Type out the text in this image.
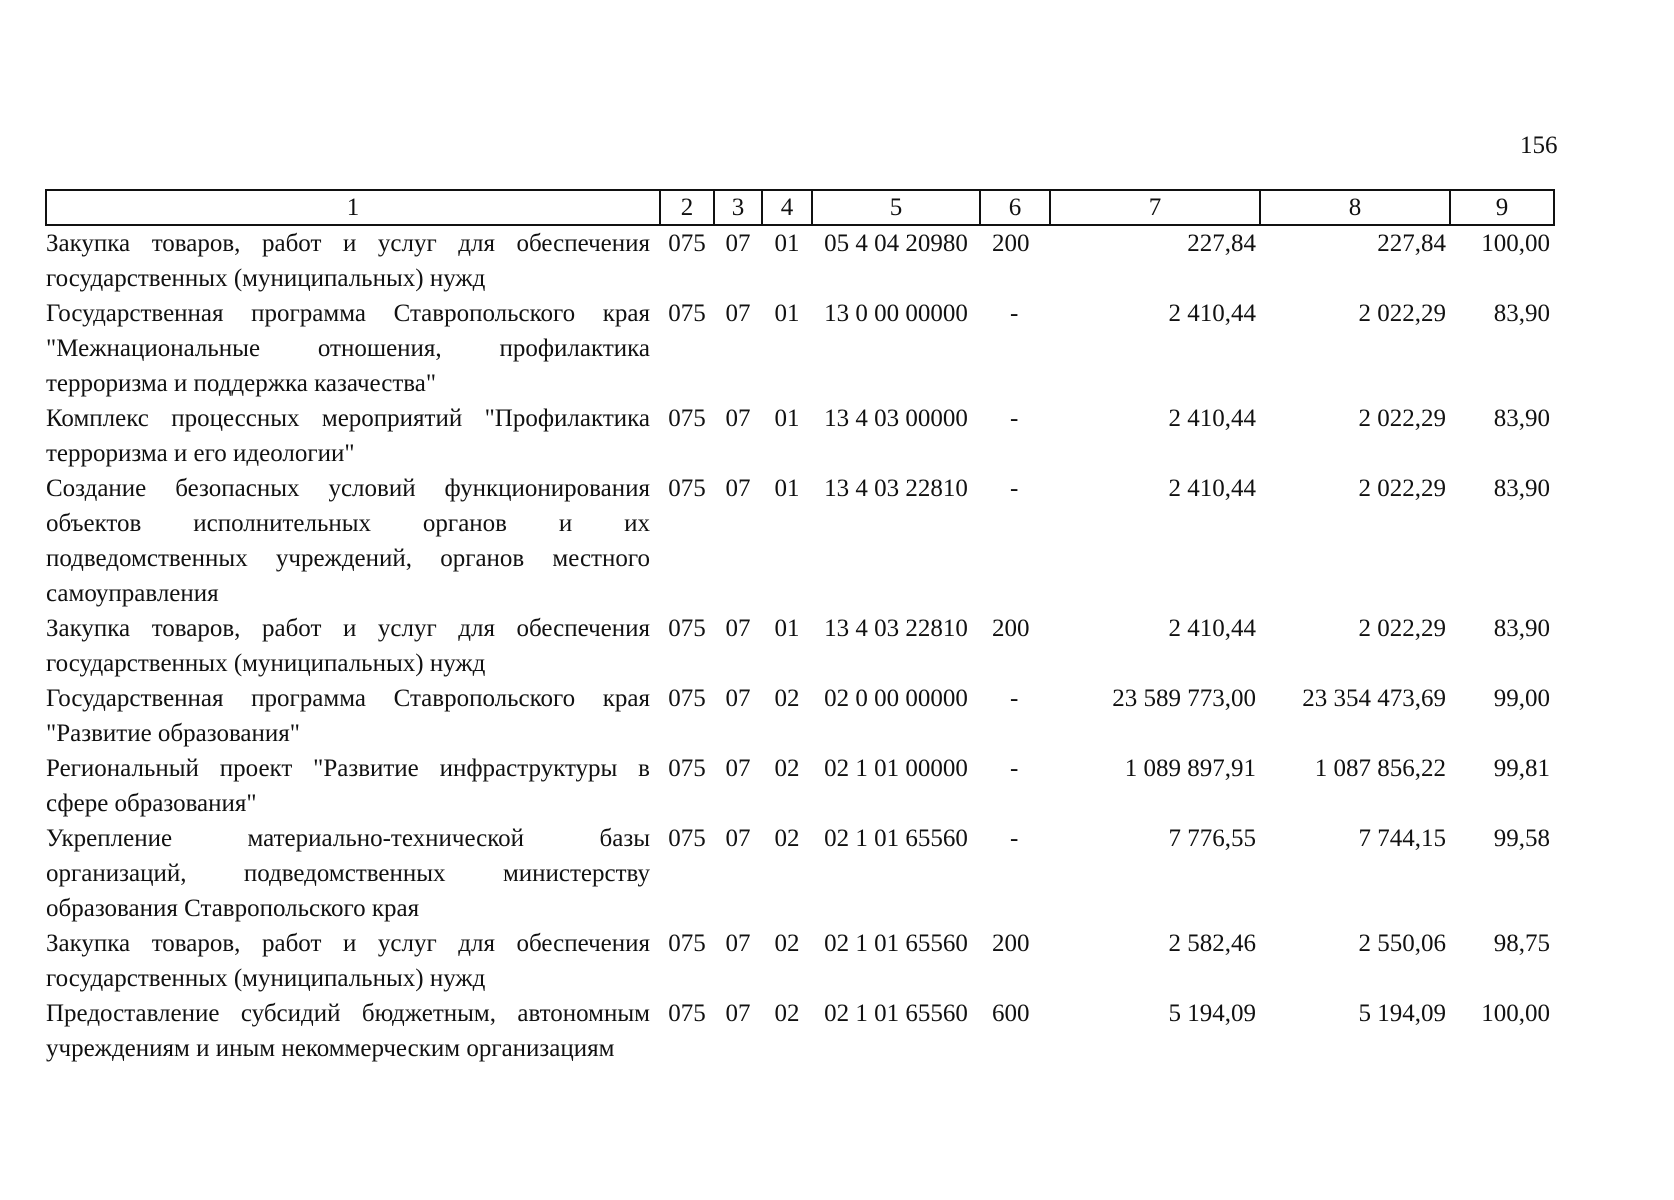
156
1	2	3	4	5	6	7	8	9
Закупка товаров, работ и услуг для обеспечения государственных (муниципальных) нужд	075	07	01	05 4 04 20980	200	227,84	227,84	100,00
Государственная программа Ставропольского края "Межнациональные отношения, профилактика терроризма и поддержка казачества"	075	07	01	13 0 00 00000	-	2 410,44	2 022,29	83,90
Комплекс процессных мероприятий "Профилактика терроризма и его идеологии"	075	07	01	13 4 03 00000	-	2 410,44	2 022,29	83,90
Создание безопасных условий функционирования объектов исполнительных органов и их подведомственных учреждений, органов местного самоуправления	075	07	01	13 4 03 22810	-	2 410,44	2 022,29	83,90
Закупка товаров, работ и услуг для обеспечения государственных (муниципальных) нужд	075	07	01	13 4 03 22810	200	2 410,44	2 022,29	83,90
Государственная программа Ставропольского края "Развитие образования"	075	07	02	02 0 00 00000	-	23 589 773,00	23 354 473,69	99,00
Региональный проект "Развитие инфраструктуры в сфере образования"	075	07	02	02 1 01 00000	-	1 089 897,91	1 087 856,22	99,81
Укрепление материально-технической базы организаций, подведомственных министерству образования Ставропольского края	075	07	02	02 1 01 65560	-	7 776,55	7 744,15	99,58
Закупка товаров, работ и услуг для обеспечения государственных (муниципальных) нужд	075	07	02	02 1 01 65560	200	2 582,46	2 550,06	98,75
Предоставление субсидий бюджетным, автономным учреждениям и иным некоммерческим организациям	075	07	02	02 1 01 65560	600	5 194,09	5 194,09	100,00
